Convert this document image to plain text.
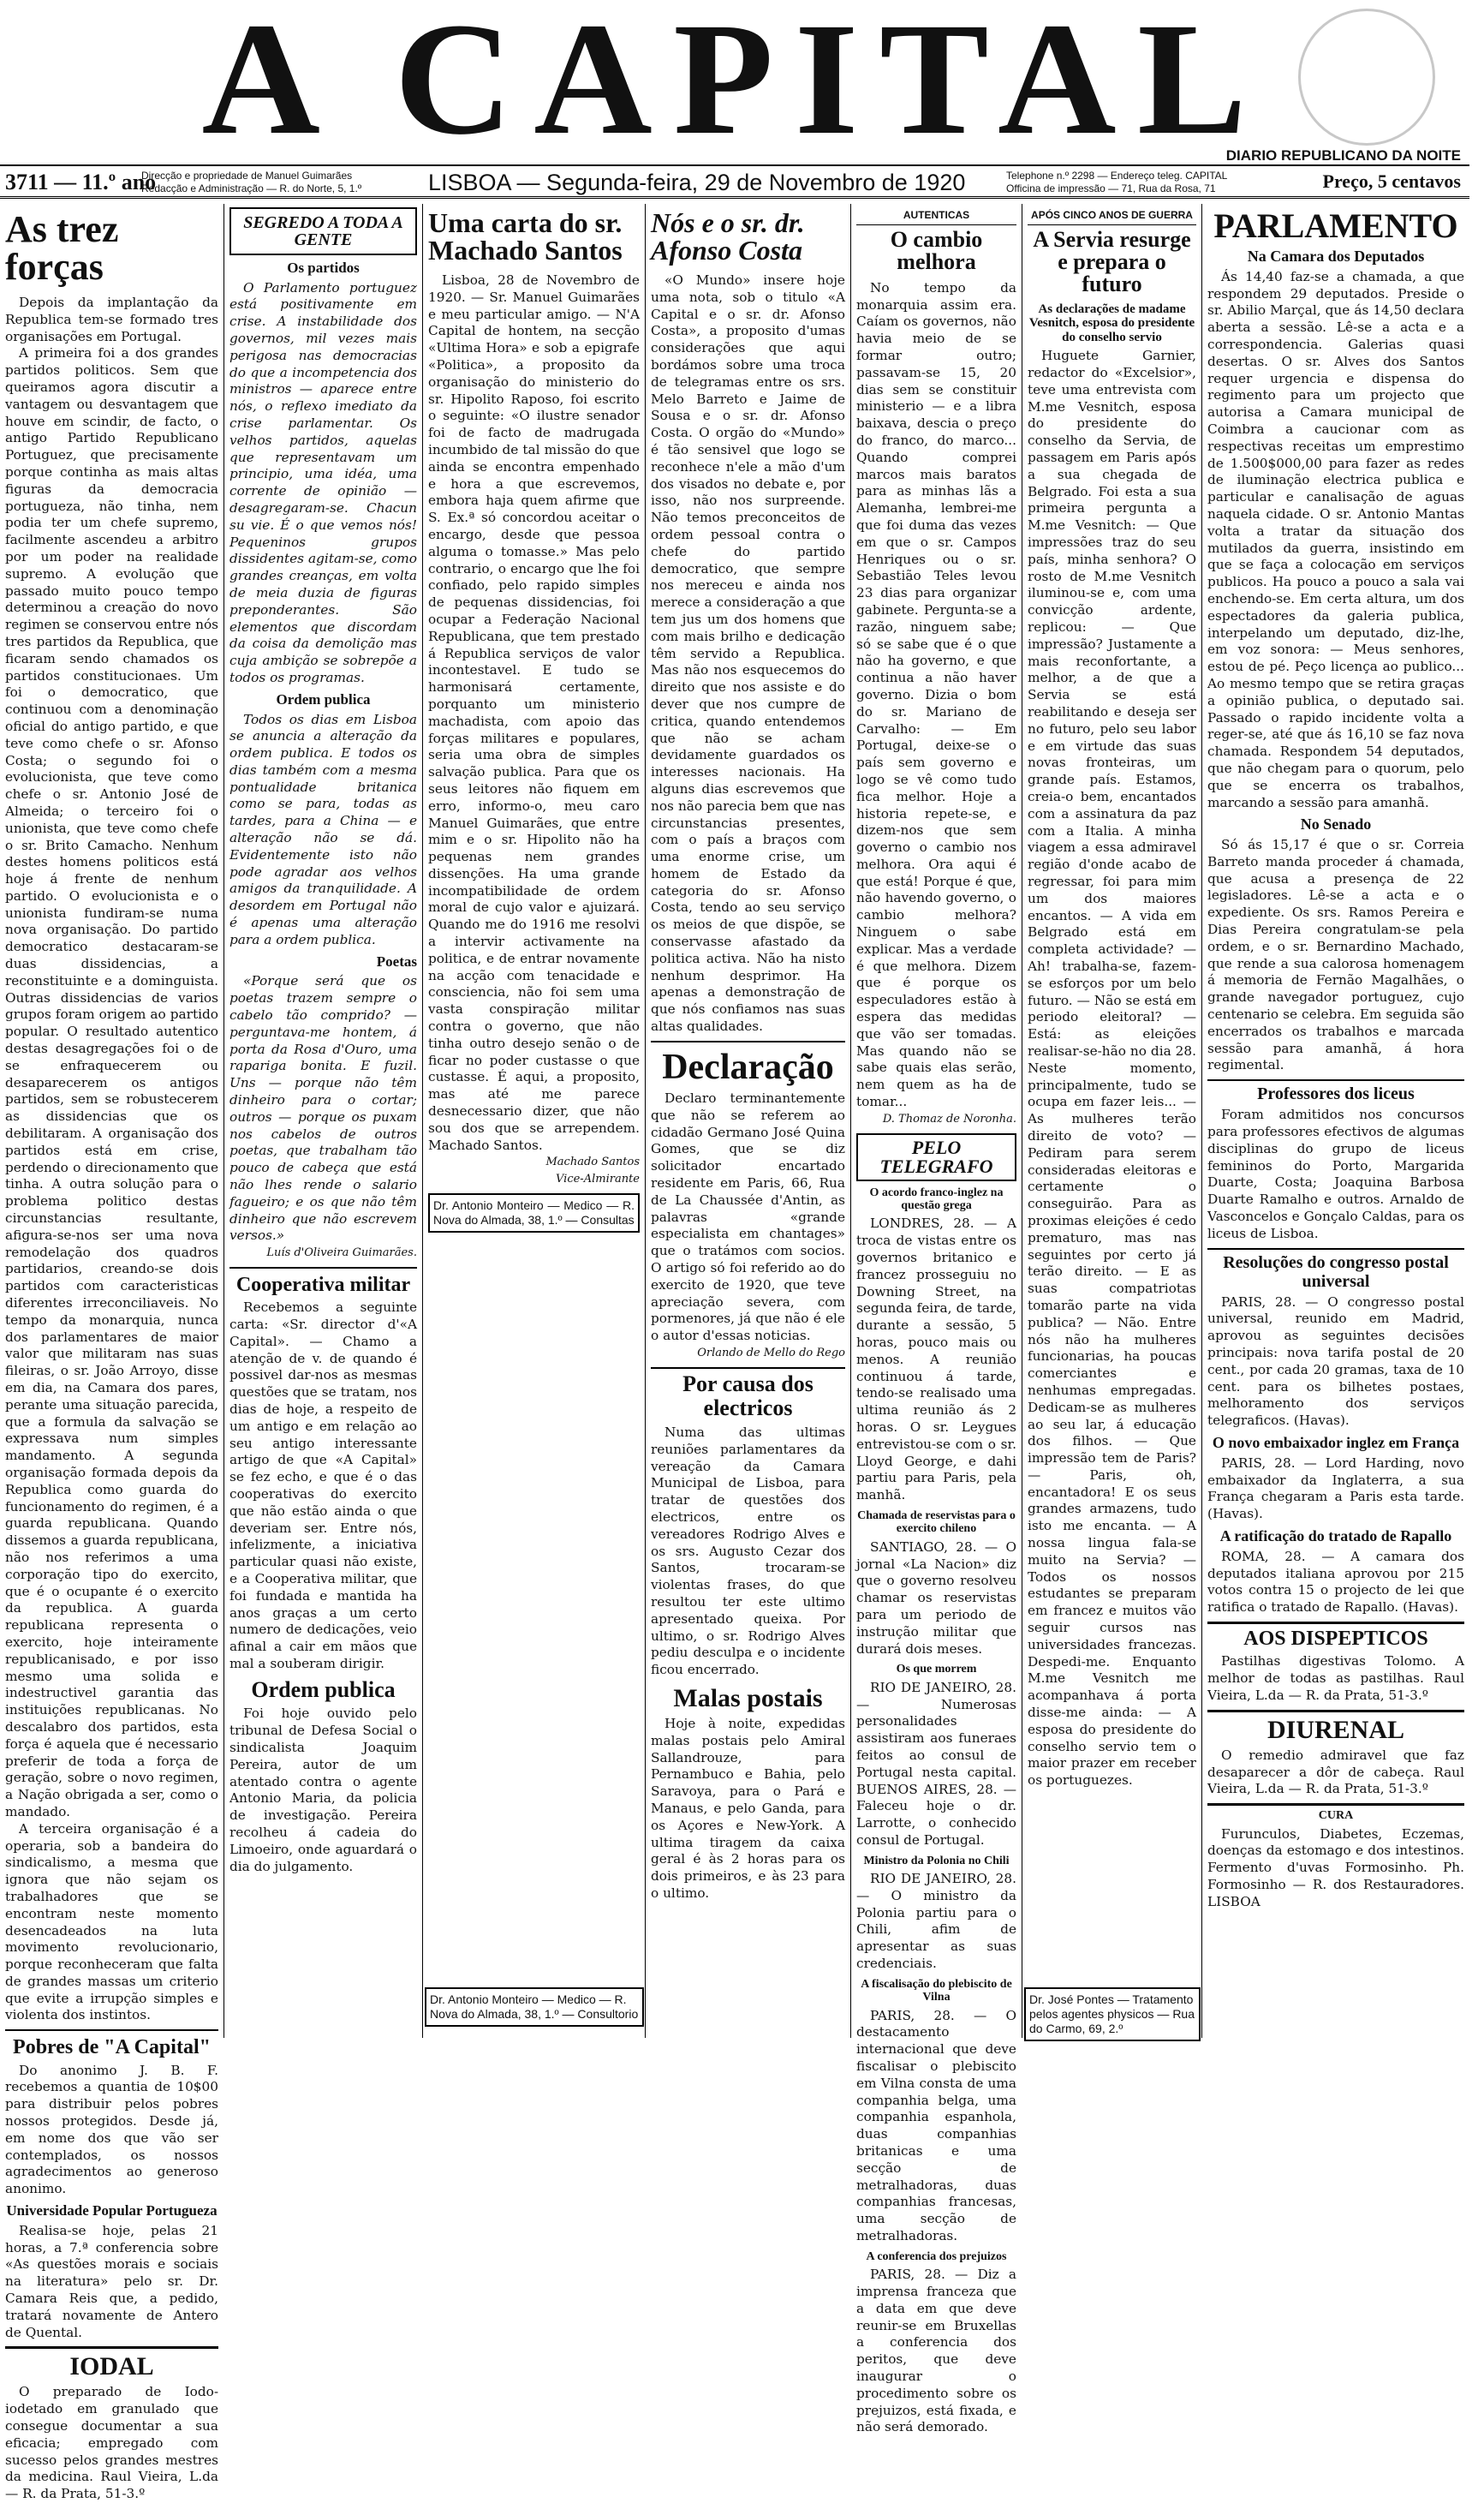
A CAPITAL
DIARIO REPUBLICANO DA NOITE
3711 — 11.º ano
Direcção e propriedade de Manuel Guimarães
Redacção e Administração — R. do Norte, 5, 1.º	LISBOA — Segunda-feira, 29 de Novembro de 1920	Telephone n.º 2298 — Endereço teleg. CAPITAL
Officina de impressão — 71, Rua da Rosa, 71	Preço, 5 centavos
As trez forças
Depois da implantação da Republica tem-se formado tres organisações em Portugal.
A primeira foi a dos grandes partidos politicos. Sem que queiramos agora discutir a vantagem ou desvantagem que houve em scindir, de facto, o antigo Partido Republicano Portuguez, que precisamente porque continha as mais altas figuras da democracia portugueza, não tinha, nem podia ter um chefe supremo, facilmente ascendeu a arbitro por um poder na realidade supremo. A evolução que passado muito pouco tempo determinou a creação do novo regimen se conservou entre nós tres partidos da Republica, que ficaram sendo chamados os partidos constitucionaes. Um foi o democratico, que continuou com a denominação oficial do antigo partido, e que teve como chefe o sr. Afonso Costa; o segundo foi o evolucionista, que teve como chefe o sr. Antonio José de Almeida; o terceiro foi o unionista, que teve como chefe o sr. Brito Camacho. Nenhum destes homens politicos está hoje á frente de nenhum partido. O evolucionista e o unionista fundiram-se numa nova organisação. Do partido democratico destacaram-se duas dissidencias, a reconstituinte e a dominguista. Outras dissidencias de varios grupos foram origem ao partido popular. O resultado autentico destas desagregações foi o de se enfraquecerem ou desaparecerem os antigos partidos, sem se robustecerem as dissidencias que os debilitaram. A organisação dos partidos está em crise, perdendo o direcionamento que tinha. A outra solução para o problema politico destas circunstancias resultante, afigura-se-nos ser uma nova remodelação dos quadros partidarios, creando-se dois partidos com caracteristicas diferentes irreconciliaveis. No tempo da monarquia, nunca dos parlamentares de maior valor que militaram nas suas fileiras, o sr. João Arroyo, disse em dia, na Camara dos pares, perante uma situação parecida, que a formula da salvação se expressava num simples mandamento. A segunda organisação formada depois da Republica como guarda do funcionamento do regimen, é a guarda republicana. Quando dissemos a guarda republicana, não nos referimos a uma corporação tipo do exercito, que é o ocupante é o exercito da republica. A guarda republicana representa o exercito, hoje inteiramente republicanisado, e por isso mesmo uma solida e indestructivel garantia das instituições republicanas. No descalabro dos partidos, esta força é aquela que é necessario preferir de toda a força de geração, sobre o novo regimen, a Nação obrigada a ser, como o mandado.
A terceira organisação é a operaria, sob a bandeira do sindicalismo, a mesma que ignora que não sejam os trabalhadores que se encontram neste momento desencadeados na luta movimento revolucionario, porque reconheceram que falta de grandes massas um criterio que evite a irrupção simples e violenta dos instintos.
Pobres de "A Capital"
Do anonimo J. B. F. recebemos a quantia de 10$00 para distribuir pelos pobres nossos protegidos. Desde já, em nome dos que vão ser contemplados, os nossos agradecimentos ao generoso anonimo.
Universidade Popular Portugueza
Realisa-se hoje, pelas 21 horas, a 7.ª conferencia sobre «As questões morais e sociais na literatura» pelo sr. Dr. Camara Reis que, a pedido, tratará novamente de Antero de Quental.
IODAL
O preparado de Iodo-iodetado em granulado que consegue documentar a sua eficacia; empregado com sucesso pelos grandes mestres da medicina. Raul Vieira, L.da — R. da Prata, 51-3.º
SEGREDO A TODA A GENTE
Os partidos
O Parlamento portuguez está positivamente em crise. A instabilidade dos governos, mil vezes mais perigosa nas democracias do que a incompetencia dos ministros — aparece entre nós, o reflexo imediato da crise parlamentar. Os velhos partidos, aquelas que representavam um principio, uma idéa, uma corrente de opinião — desagregaram-se. Chacun su vie. É o que vemos nós! Pequeninos grupos dissidentes agitam-se, como grandes creanças, em volta de meia duzia de figuras preponderantes. São elementos que discordam da coisa da demolição mas cuja ambição se sobrepõe a todos os programas.
Ordem publica
Todos os dias em Lisboa se anuncia a alteração da ordem publica. E todos os dias também com a mesma pontualidade britanica como se para, todas as tardes, para a China — e alteração não se dá. Evidentemente isto não pode agradar aos velhos amigos da tranquilidade. A desordem em Portugal não é apenas uma alteração para a ordem publica.
Poetas
«Porque será que os poetas trazem sempre o cabelo tão comprido? — perguntava-me hontem, á porta da Rosa d'Ouro, uma rapariga bonita. E fuzil. Uns — porque não têm dinheiro para o cortar; outros — porque os puxam nos cabelos de outros poetas, que trabalham tão pouco de cabeça que está não lhes rende o salario fagueiro; e os que não têm dinheiro que não escrevem versos.»
Luís d'Oliveira Guimarães.
Cooperativa militar
Recebemos a seguinte carta: «Sr. director d'«A Capital». — Chamo a atenção de v. de quando é possivel dar-nos as mesmas questões que se tratam, nos dias de hoje, a respeito de um antigo e em relação ao seu antigo interessante artigo de que «A Capital» se fez echo, e que é o das cooperativas do exercito que não estão ainda o que deveriam ser. Entre nós, infelizmente, a iniciativa particular quasi não existe, e a Cooperativa militar, que foi fundada e mantida ha anos graças a um certo numero de dedicações, veio afinal a cair em mãos que mal a souberam dirigir.
Ordem publica
Foi hoje ouvido pelo tribunal de Defesa Social o sindicalista Joaquim Pereira, autor de um atentado contra o agente Antonio Maria, da policia de investigação. Pereira recolheu á cadeia do Limoeiro, onde aguardará o dia do julgamento.
Uma carta do sr. Machado Santos
Lisboa, 28 de Novembro de 1920. — Sr. Manuel Guimarães e meu particular amigo. — N'A Capital de hontem, na secção «Ultima Hora» e sob a epigrafe «Politica», a proposito da organisação do ministerio do sr. Hipolito Raposo, foi escrito o seguinte: «O ilustre senador foi de facto de madrugada incumbido de tal missão do que ainda se encontra empenhado e hora a que escrevemos, embora haja quem afirme que S. Ex.ª só concordou aceitar o encargo, desde que pessoa alguma o tomasse.» Mas pelo contrario, o encargo que lhe foi confiado, pelo rapido simples de pequenas dissidencias, foi ocupar a Federação Nacional Republicana, que tem prestado á Republica serviços de valor incontestavel. E tudo se harmonisará certamente, porquanto um ministerio machadista, com apoio das forças militares e populares, seria uma obra de simples salvação publica. Para que os seus leitores não fiquem em erro, informo-o, meu caro Manuel Guimarães, que entre mim e o sr. Hipolito não ha pequenas nem grandes dissenções. Ha uma grande incompatibilidade de ordem moral de cujo valor e ajuizará. Quando me do 1916 me resolvi a intervir activamente na politica, e de entrar novamente na acção com tenacidade e consciencia, não foi sem uma vasta conspiração militar contra o governo, que não tinha outro desejo senão o de ficar no poder custasse o que custasse. É aqui, a proposito, mas até me parece desnecessario dizer, que não sou dos que se arrependem. Machado Santos.
Machado Santos
Vice-Almirante
Dr. Antonio Monteiro — Medico — R. Nova do Almada, 38, 1.º — Consultas
Nós e o sr. dr. Afonso Costa
«O Mundo» insere hoje uma nota, sob o titulo «A Capital e o sr. dr. Afonso Costa», a proposito d'umas considerações que aqui bordámos sobre uma troca de telegramas entre os srs. Melo Barreto e Jaime de Sousa e o sr. dr. Afonso Costa. O orgão do «Mundo» é tão sensivel que logo se reconhece n'ele a mão d'um dos visados no debate e, por isso, não nos surpreende. Não temos preconceitos de ordem pessoal contra o chefe do partido democratico, que sempre nos mereceu e ainda nos merece a consideração a que tem jus um dos homens que com mais brilho e dedicação têm servido a Republica. Mas não nos esquecemos do direito que nos assiste e do dever que nos cumpre de critica, quando entendemos que não se acham devidamente guardados os interesses nacionais. Ha alguns dias escrevemos que nos não parecia bem que nas circunstancias presentes, com o país a braços com uma enorme crise, um homem de Estado da categoria do sr. Afonso Costa, tendo ao seu serviço os meios de que dispõe, se conservasse afastado da politica activa. Não ha nisto nenhum desprimor. Ha apenas a demonstração de que nós confiamos nas suas altas qualidades.
Declaração
Declaro terminantemente que não se referem ao cidadão Germano José Quina Gomes, que se diz solicitador encartado residente em Paris, 66, Rua de La Chaussée d'Antin, as palavras «grande especialista em chantages» que o tratámos com socios. O artigo só foi referido ao do exercito de 1920, que teve apreciação severa, com pormenores, já que não é ele o autor d'essas noticias.
Orlando de Mello do Rego
Por causa dos electricos
Numa das ultimas reuniões parlamentares da vereação da Camara Municipal de Lisboa, para tratar de questões dos electricos, entre os vereadores Rodrigo Alves e os srs. Augusto Cezar dos Santos, trocaram-se violentas frases, do que resultou ter este ultimo apresentado queixa. Por ultimo, o sr. Rodrigo Alves pediu desculpa e o incidente ficou encerrado.
Malas postais
Hoje à noite, expedidas malas postais pelo Amiral Sallandrouze, para Pernambuco e Bahia, pelo Saravoya, para o Pará e Manaus, e pelo Ganda, para os Açores e New-York. A ultima tiragem da caixa geral é às 2 horas para os dois primeiros, e às 23 para o ultimo.
AUTENTICAS
O cambio melhora
No tempo da monarquia assim era. Caíam os governos, não havia meio de se formar outro; passavam-se 15, 20 dias sem se constituir ministerio — e a libra baixava, descia o preço do franco, do marco... Quando comprei marcos mais baratos para as minhas lãs a Alemanha, lembrei-me que foi duma das vezes em que o sr. Campos Henriques ou o sr. Sebastião Teles levou 23 dias para organizar gabinete. Pergunta-se a razão, ninguem sabe; só se sabe que é o que não ha governo, e que continua a não haver governo. Dizia o bom do sr. Mariano de Carvalho: — Em Portugal, deixe-se o país sem governo e logo se vê como tudo fica melhor. Hoje a historia repete-se, e dizem-nos que sem governo o cambio nos melhora. Ora aqui é que está! Porque é que, não havendo governo, o cambio melhora? Ninguem o sabe explicar. Mas a verdade é que melhora. Dizem que é porque os especuladores estão à espera das medidas que vão ser tomadas. Mas quando não se sabe quais elas serão, nem quem as ha de tomar...
D. Thomaz de Noronha.
PELO TELEGRAFO
O acordo franco-inglez na questão grega
LONDRES, 28. — A troca de vistas entre os governos britanico e francez prosseguiu no Downing Street, na segunda feira, de tarde, durante a sessão, 5 horas, pouco mais ou menos. A reunião continuou á tarde, tendo-se realisado uma ultima reunião ás 2 horas. O sr. Leygues entrevistou-se com o sr. Lloyd George, e dahi partiu para Paris, pela manhã.
Chamada de reservistas para o exercito chileno
SANTIAGO, 28. — O jornal «La Nacion» diz que o governo resolveu chamar os reservistas para um periodo de instrução militar que durará dois meses.
Os que morrem
RIO DE JANEIRO, 28. — Numerosas personalidades assistiram aos funeraes feitos ao consul de Portugal nesta capital. BUENOS AIRES, 28. — Faleceu hoje o dr. Larrotte, o conhecido consul de Portugal.
Ministro da Polonia no Chili
RIO DE JANEIRO, 28. — O ministro da Polonia partiu para o Chili, afim de apresentar as suas credenciais.
A fiscalisação do plebiscito de Vilna
PARIS, 28. — O destacamento internacional que deve fiscalisar o plebiscito em Vilna consta de uma companhia belga, uma companhia espanhola, duas companhias britanicas e uma secção de metralhadoras, duas companhias francesas, uma secção de metralhadoras.
A conferencia dos prejuizos
PARIS, 28. — Diz a imprensa franceza que a data em que deve reunir-se em Bruxellas a conferencia dos peritos, que deve inaugurar o procedimento sobre os prejuizos, está fixada, e não será demorado.
APÓS CINCO ANOS DE GUERRA
A Servia resurge e prepara o futuro
As declarações de madame Vesnitch, esposa do presidente do conselho servio
Huguete Garnier, redactor do «Excelsior», teve uma entrevista com M.me Vesnitch, esposa do presidente do conselho da Servia, de passagem em Paris após a sua chegada de Belgrado. Foi esta a sua primeira pergunta a M.me Vesnitch: — Que impressões traz do seu país, minha senhora? O rosto de M.me Vesnitch iluminou-se e, com uma convicção ardente, replicou: — Que impressão? Justamente a mais reconfortante, a melhor, a de que a Servia se está reabilitando e deseja ser no futuro, pelo seu labor e em virtude das suas novas fronteiras, um grande país. Estamos, creia-o bem, encantados com a assinatura da paz com a Italia. A minha viagem a essa admiravel região d'onde acabo de regressar, foi para mim um dos maiores encantos. — A vida em Belgrado está em completa actividade? — Ah! trabalha-se, fazem-se esforços por um belo futuro. — Não se está em periodo eleitoral? — Está: as eleições realisar-se-hão no dia 28. Neste momento, principalmente, tudo se ocupa em fazer leis... — As mulheres terão direito de voto? — Pediram para serem consideradas eleitoras e certamente o conseguirão. Para as proximas eleições é cedo prematuro, mas nas seguintes por certo já terão direito. — E as suas compatriotas tomarão parte na vida publica? — Não. Entre nós não ha mulheres funcionarias, ha poucas comerciantes e nenhumas empregadas. Dedicam-se as mulheres ao seu lar, á educação dos filhos. — Que impressão tem de Paris? — Paris, oh, encantadora! E os seus grandes armazens, tudo isto me encanta. — A nossa lingua fala-se muito na Servia? — Todos os nossos estudantes se preparam em francez e muitos vão seguir cursos nas universidades francezas. Despedi-me. Enquanto M.me Vesnitch me acompanhava á porta disse-me ainda: — A esposa do presidente do conselho servio tem o maior prazer em receber os portuguezes.
PARLAMENTO
Na Camara dos Deputados
Ás 14,40 faz-se a chamada, a que respondem 29 deputados. Preside o sr. Abilio Marçal, que ás 14,50 declara aberta a sessão. Lê-se a acta e a correspondencia. Galerias quasi desertas. O sr. Alves dos Santos requer urgencia e dispensa do regimento para um projecto que autorisa a Camara municipal de Coimbra a caucionar com as respectivas receitas um emprestimo de 1.500$000,00 para fazer as redes de iluminação electrica publica e particular e canalisação de aguas naquela cidade. O sr. Antonio Mantas volta a tratar da situação dos mutilados da guerra, insistindo em que se faça a colocação em serviços publicos. Ha pouco a pouco a sala vai enchendo-se. Em certa altura, um dos espectadores da galeria publica, interpelando um deputado, diz-lhe, em voz sonora: — Meus senhores, estou de pé. Peço licença ao publico... Ao mesmo tempo que se retira graças a opinião publica, o deputado sai. Passado o rapido incidente volta a reger-se, até que ás 16,10 se faz nova chamada. Respondem 54 deputados, que não chegam para o quorum, pelo que se encerra os trabalhos, marcando a sessão para amanhã.
No Senado
Só ás 15,17 é que o sr. Correia Barreto manda proceder á chamada, que acusa a presença de 22 legisladores. Lê-se a acta e o expediente. Os srs. Ramos Pereira e Dias Pereira congratulam-se pela ordem, e o sr. Bernardino Machado, que rende a sua calorosa homenagem á memoria de Fernão Magalhães, o grande navegador portuguez, cujo centenario se celebra. Em seguida são encerrados os trabalhos e marcada sessão para amanhã, á hora regimental.
Professores dos liceus
Foram admitidos nos concursos para professores efectivos de algumas disciplinas do grupo de liceus femininos do Porto, Margarida Duarte, Costa; Joaquina Barbosa Duarte Ramalho e outros. Arnaldo de Vasconcelos e Gonçalo Caldas, para os liceus de Lisboa.
Resoluções do congresso postal universal
PARIS, 28. — O congresso postal universal, reunido em Madrid, aprovou as seguintes decisões principais: nova tarifa postal de 20 cent., por cada 20 gramas, taxa de 10 cent. para os bilhetes postaes, melhoramento dos serviços telegraficos. (Havas).
O novo embaixador inglez em França
PARIS, 28. — Lord Harding, novo embaixador da Inglaterra, a sua França chegaram a Paris esta tarde. (Havas).
A ratificação do tratado de Rapallo
ROMA, 28. — A camara dos deputados italiana aprovou por 215 votos contra 15 o projecto de lei que ratifica o tratado de Rapallo. (Havas).
AOS DISPEPTICOS
Pastilhas digestivas Tolomo. A melhor de todas as pastilhas. Raul Vieira, L.da — R. da Prata, 51-3.º
DIURENAL
O remedio admiravel que faz desaparecer a dôr de cabeça. Raul Vieira, L.da — R. da Prata, 51-3.º
CURA
Furunculos, Diabetes, Eczemas, doenças da estomago e dos intestinos. Fermento d'uvas Formosinho. Ph. Formosinho — R. dos Restauradores. LISBOA
Dr. Antonio Monteiro — Medico — R. Nova do Almada, 38, 1.º — Consultorio
Dr. José Pontes — Tratamento pelos agentes physicos — Rua do Carmo, 69, 2.º
